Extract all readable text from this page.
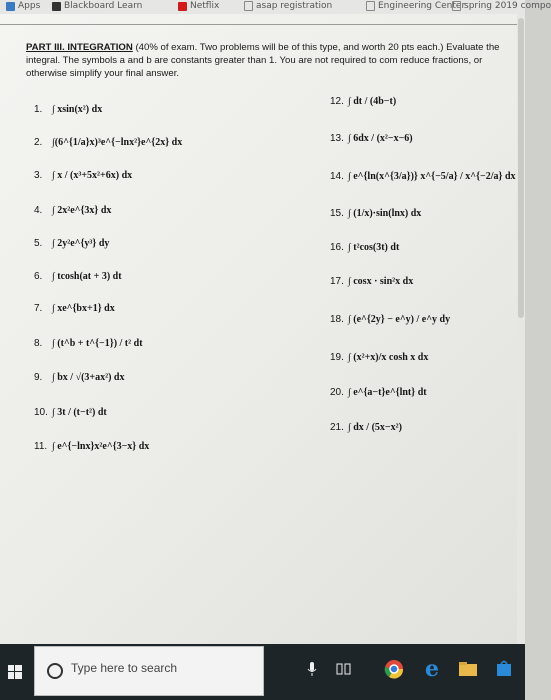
Apps	Blackboard Learn	Netflix	asap registration	Engineering Center
spring 2019 compo
PART III. INTEGRATION (40% of exam. Two problems will be of this type, and worth 20 pts each.) Evaluate the integral. The symbols a and b are constants greater than 1. You are not required to com reduce fractions, or otherwise simplify your final answer.
1. ∫ xsin(x²) dx
2. ∫(6^{1/a}x)³e^{−lnx²}e^{2x} dx
3. ∫ x / (x³+5x²+6x) dx
4. ∫ 2x²e^{3x} dx
5. ∫ 2y²e^{y³} dy
6. ∫ tcosh(at + 3) dt
7. ∫ xe^{bx+1} dx
8. ∫ (t^b + t^{−1}) / t² dt
9. ∫ bx / √(3+ax²) dx
10. ∫ 3t / (t−t²) dt
11. ∫ e^{−lnx}x²e^{3−x} dx
12. ∫ dt / (4b−t)
13. ∫ 6dx / (x²−x−6)
14. ∫ e^{ln(x^{3/a})} x^{−5/a} / x^{−2/a} dx
15. ∫ (1/x)·sin(lnx) dx
16. ∫ t²cos(3t) dt
17. ∫ cosx · sin²x dx
18. ∫ (e^{2y} − e^y) / e^y dy
19. ∫ (x²+x)/x cosh x dx
20. ∫ e^{a−t}e^{lnt} dt
21. ∫ dx / (5x−x²)
Type here to search	e
